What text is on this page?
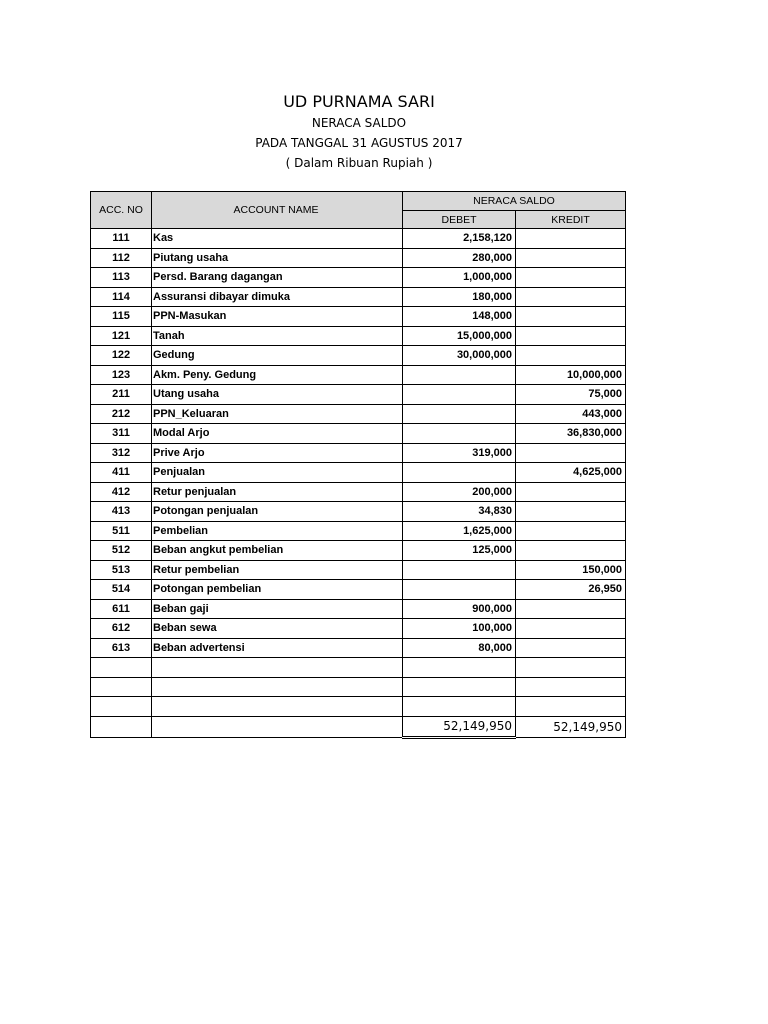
UD PURNAMA SARI
NERACA SALDO
PADA TANGGAL 31 AGUSTUS 2017
( Dalam Ribuan Rupiah )
ACC. NO	ACCOUNT NAME	NERACA SALDO	
		DEBET	KREDIT
111	Kas	2,158,120	
112	Piutang usaha	280,000	
113	Persd. Barang dagangan	1,000,000	
114	Assuransi dibayar dimuka	180,000	
115	PPN-Masukan	148,000	
121	Tanah	15,000,000	
122	Gedung	30,000,000	
123	Akm. Peny. Gedung		10,000,000
211	Utang usaha		75,000
212	PPN_Keluaran		443,000
311	Modal Arjo		36,830,000
312	Prive Arjo	319,000	
411	Penjualan		4,625,000
412	Retur penjualan	200,000	
413	Potongan penjualan	34,830	
511	Pembelian	1,625,000	
512	Beban angkut pembelian	125,000	
513	Retur pembelian		150,000
514	Potongan pembelian		26,950
611	Beban gaji	900,000	
612	Beban sewa	100,000	
613	Beban advertensi	80,000	

		52,149,950	52,149,950
